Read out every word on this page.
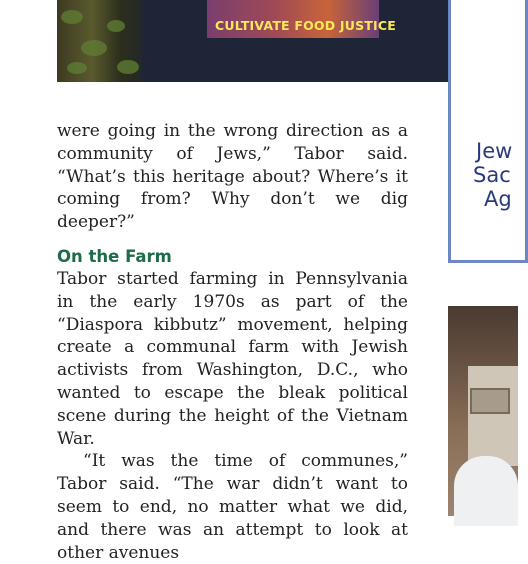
CULTIVATE FOOD JUSTICE

were going in the wrong direction as a community of Jews,” Tabor said. “What’s this heritage about? Where’s it coming from? Why don’t we dig deeper?”

On the Farm

Tabor started farming in Pennsylvania in the early 1970s as part of the “Diaspora kibbutz” movement, helping create a communal farm with Jewish activists from Washington, D.C., who wanted to escape the bleak political scene during the height of the Vietnam War.

“It was the time of communes,” Tabor said. “The war didn’t want to seem to end, no matter what we did, and there was an attempt to look at other avenues

Jew
Sac
Ag
